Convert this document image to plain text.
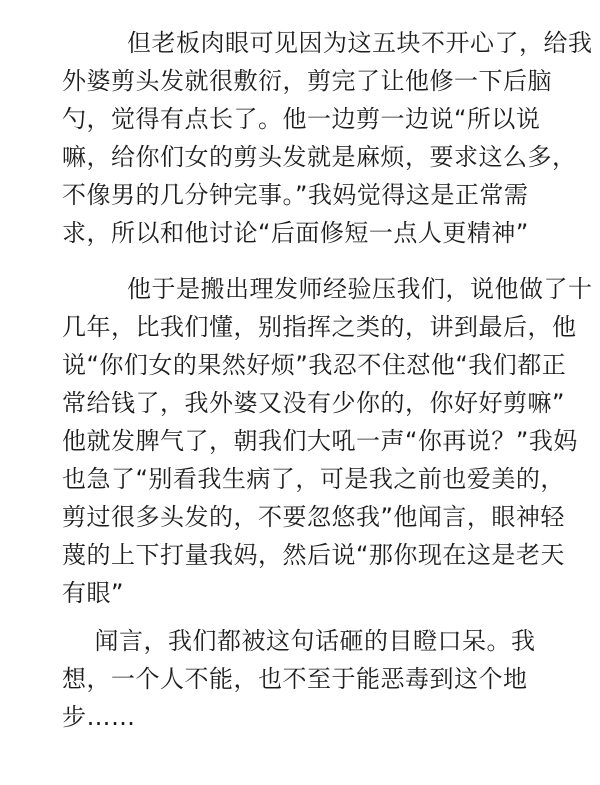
但老板肉眼可见因为这五块不开心了，给我
外婆剪头发就很敷衍，剪完了让他修一下后脑
勺，觉得有点长了。他一边剪一边说“所以说
嘛，给你们女的剪头发就是麻烦，要求这么多，
不像男的几分钟完事。”我妈觉得这是正常需
求，所以和他讨论“后面修短一点人更精神”
他于是搬出理发师经验压我们，说他做了十
几年，比我们懂，别指挥之类的，讲到最后，他
说“你们女的果然好烦”我忍不住怼他“我们都正
常给钱了，我外婆又没有少你的，你好好剪嘛”
他就发脾气了，朝我们大吼一声“你再说？”我妈
也急了“别看我生病了，可是我之前也爱美的，
剪过很多头发的，不要忽悠我”他闻言，眼神轻
蔑的上下打量我妈，然后说“那你现在这是老天
有眼”
闻言，我们都被这句话砸的目瞪口呆。我
想，一个人不能，也不至于能恶毒到这个地
步……
